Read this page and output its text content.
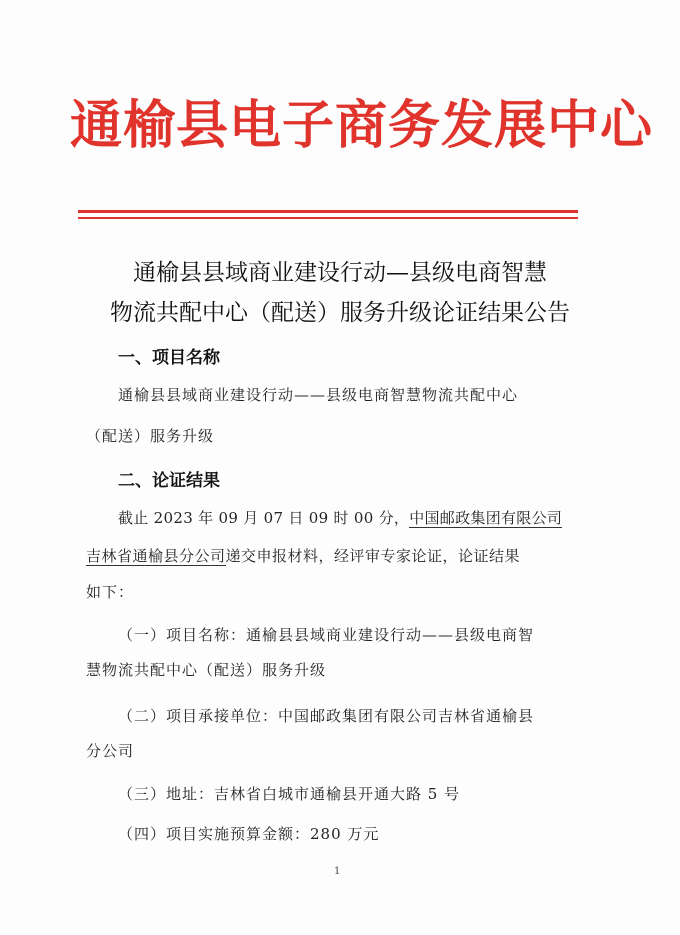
通榆县电子商务发展中心
通榆县县域商业建设行动—县级电商智慧
物流共配中心（配送）服务升级论证结果公告
一、项目名称
通榆县县域商业建设行动——县级电商智慧物流共配中心
（配送）服务升级
二、论证结果
截止 2023 年 09 月 07 日 09 时 00 分，中国邮政集团有限公司
吉林省通榆县分公司递交申报材料，经评审专家论证，论证结果
如下：
（一）项目名称：通榆县县域商业建设行动——县级电商智
慧物流共配中心（配送）服务升级
（二）项目承接单位：中国邮政集团有限公司吉林省通榆县
分公司
（三）地址：吉林省白城市通榆县开通大路 5 号
（四）项目实施预算金额：280 万元
1
